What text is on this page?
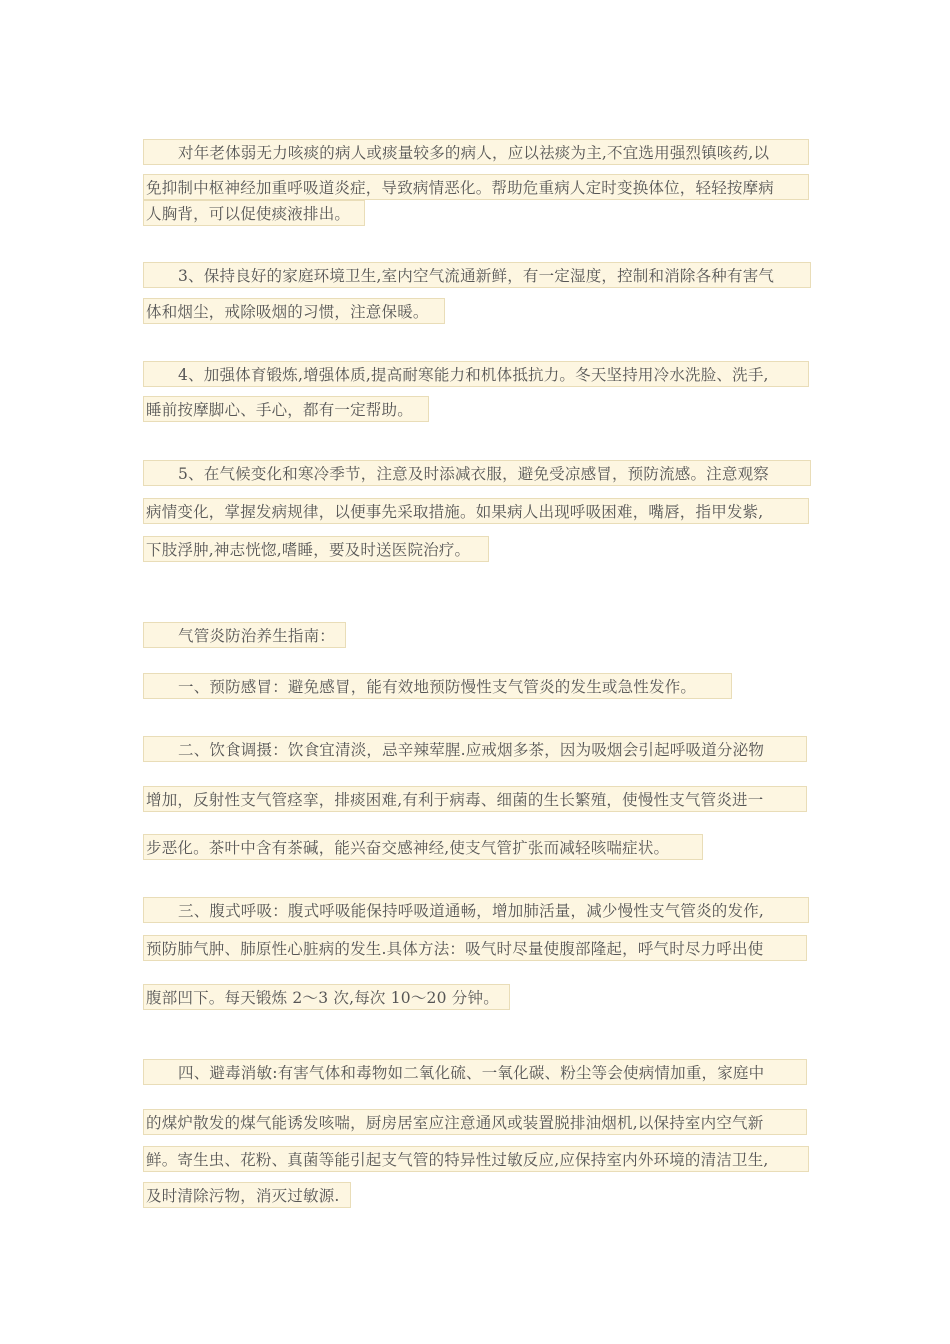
对年老体弱无力咳痰的病人或痰量较多的病人，应以祛痰为主,不宜选用强烈镇咳药,以
免抑制中枢神经加重呼吸道炎症，导致病情恶化。帮助危重病人定时变换体位，轻轻按摩病
人胸背，可以促使痰液排出。
3、保持良好的家庭环境卫生,室内空气流通新鲜，有一定湿度，控制和消除各种有害气
体和烟尘，戒除吸烟的习惯，注意保暖。
4、加强体育锻炼,增强体质,提高耐寒能力和机体抵抗力。冬天坚持用冷水洗脸、洗手,
睡前按摩脚心、手心，都有一定帮助。
5、在气候变化和寒冷季节，注意及时添减衣服，避免受凉感冒，预防流感。注意观察
病情变化，掌握发病规律，以便事先采取措施。如果病人出现呼吸困难，嘴唇，指甲发紫,
下肢浮肿,神志恍惚,嗜睡，要及时送医院治疗。
气管炎防治养生指南：
一、预防感冒：避免感冒，能有效地预防慢性支气管炎的发生或急性发作。
二、饮食调摄：饮食宜清淡，忌辛辣荤腥.应戒烟多茶，因为吸烟会引起呼吸道分泌物
增加，反射性支气管痉挛，排痰困难,有利于病毒、细菌的生长繁殖，使慢性支气管炎进一
步恶化。茶叶中含有茶碱，能兴奋交感神经,使支气管扩张而减轻咳喘症状。
三、腹式呼吸：腹式呼吸能保持呼吸道通畅，增加肺活量，减少慢性支气管炎的发作,
预防肺气肿、肺原性心脏病的发生.具体方法：吸气时尽量使腹部隆起，呼气时尽力呼出使
腹部凹下。每天锻炼 2～3 次,每次 10～20 分钟。
四、避毒消敏:有害气体和毒物如二氧化硫、一氧化碳、粉尘等会使病情加重，家庭中
的煤炉散发的煤气能诱发咳喘，厨房居室应注意通风或装置脱排油烟机,以保持室内空气新
鲜。寄生虫、花粉、真菌等能引起支气管的特异性过敏反应,应保持室内外环境的清洁卫生,
及时清除污物，消灭过敏源.
